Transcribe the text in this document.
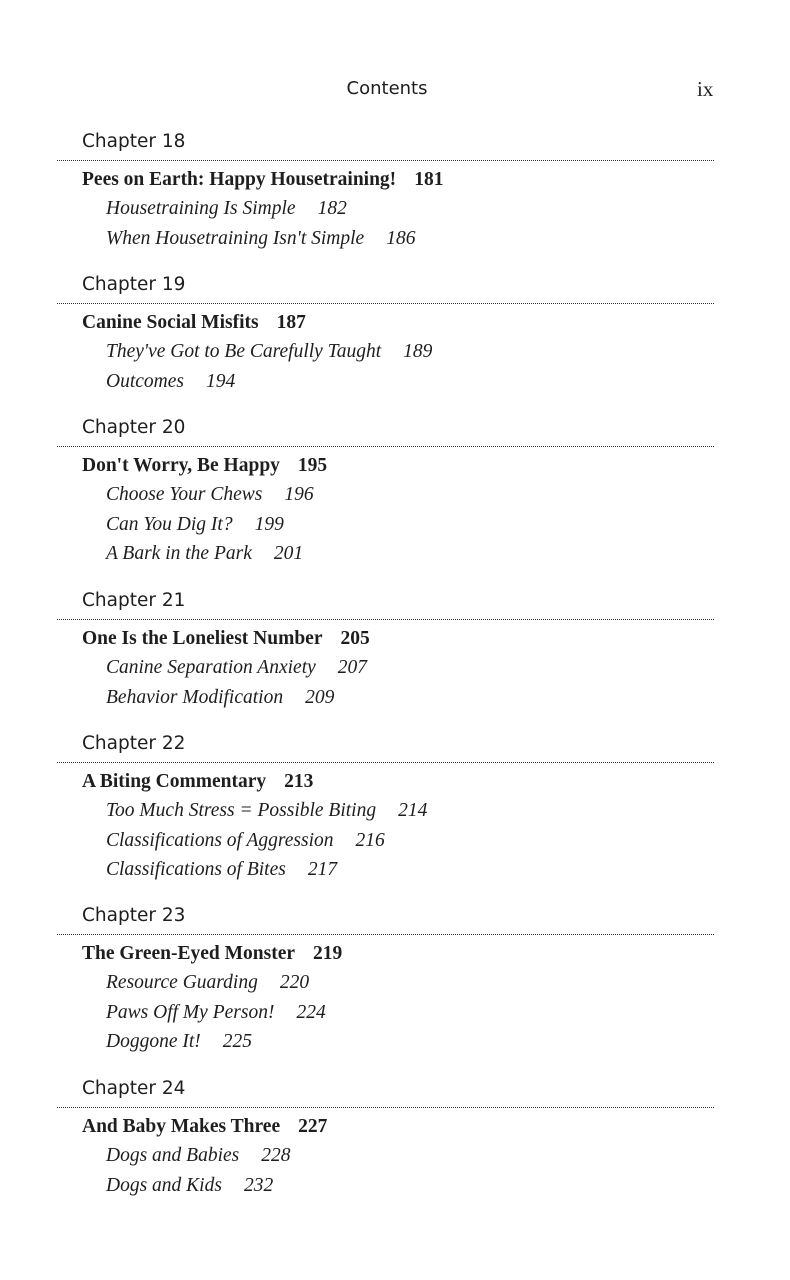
Contents	ix
Chapter 18
Pees on Earth: Happy Housetraining! 181
Housetraining Is Simple 182
When Housetraining Isn't Simple 186
Chapter 19
Canine Social Misfits 187
They've Got to Be Carefully Taught 189
Outcomes 194
Chapter 20
Don't Worry, Be Happy 195
Choose Your Chews 196
Can You Dig It? 199
A Bark in the Park 201
Chapter 21
One Is the Loneliest Number 205
Canine Separation Anxiety 207
Behavior Modification 209
Chapter 22
A Biting Commentary 213
Too Much Stress = Possible Biting 214
Classifications of Aggression 216
Classifications of Bites 217
Chapter 23
The Green-Eyed Monster 219
Resource Guarding 220
Paws Off My Person! 224
Doggone It! 225
Chapter 24
And Baby Makes Three 227
Dogs and Babies 228
Dogs and Kids 232
